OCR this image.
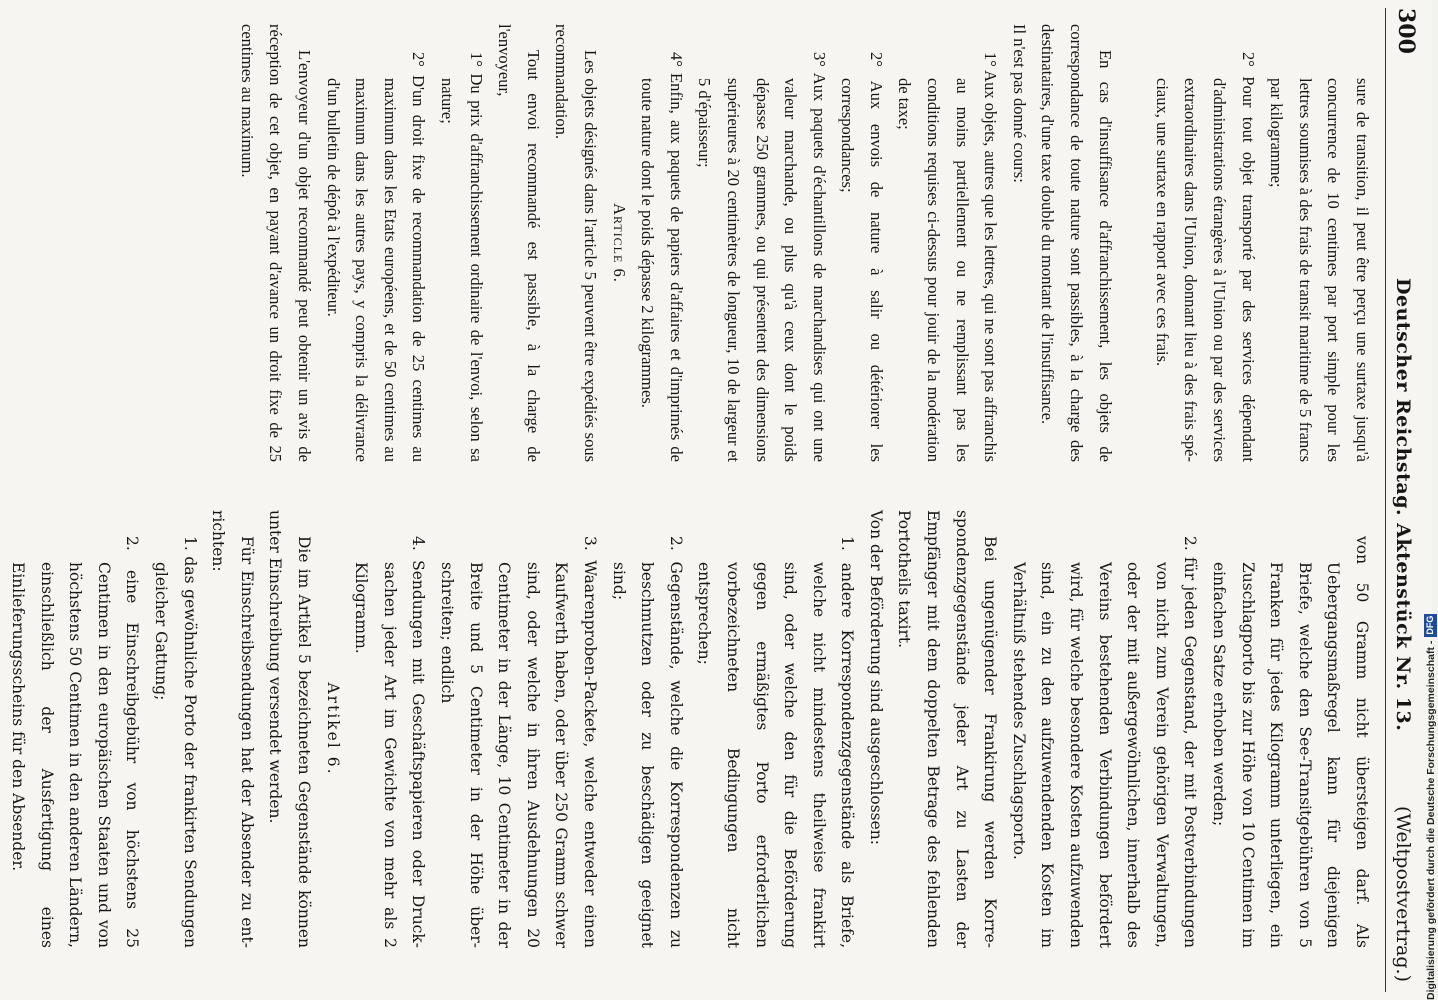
300
Deutscher Reichstag. Aktenstück Nr. 13.
(Weltpostvertrag.)

sure de transition, il peut être perçu une surtaxe jusqu'à concurrence de 10 centimes par port simple pour les lettres soumises à des frais de transit maritime de 5 francs par kilogramme;

2° Pour tout objet transporté par des services dépendant d'administrations étrangères à l'Union ou par des services extraordinaires dans l'Union, donnant lieu à des frais spéciaux, une surtaxe en rapport avec ces frais.

En cas d'insuffisance d'affranchissement, les objets de correspondance de toute nature sont passibles, à la charge des destinataires, d'une taxe double du montant de l'insuffisance.

Il n'est pas donné cours:

1° Aux objets, autres que les lettres, qui ne sont pas affranchis au moins partiellement ou ne remplissant pas les conditions requises ci-dessus pour jouir de la modération de taxe;

2° Aux envois de nature à salir ou détériorer les correspondances;

3° Aux paquets d'échantillons de marchandises qui ont une valeur marchande, ou plus qu'à ceux dont le poids dépasse 250 grammes, ou qui présentent des dimensions supérieures à 20 centimètres de longueur, 10 de largeur et 5 d'épaisseur;

4° Enfin, aux paquets de papiers d'affaires et d'imprimés de toute nature dont le poids dépasse 2 kilogrammes.

Article 6.

Les objets désignés dans l'article 5 peuvent être expédiés sous recommandation.

Tout envoi recommandé est passible, à la charge de l'envoyeur,

1° Du prix d'affranchissement ordinaire de l'envoi, selon sa nature;

2° D'un droit fixe de recommandation de 25 centimes au maximum dans les Etats européens, et de 50 centimes au maximum dans les autres pays, y compris la délivrance d'un bulletin de dépôt à l'expéditeur.

L'envoyeur d'un objet recommandé peut obtenir un avis de réception de cet objet, en payant d'avance un droit fixe de 25 centimes au maximum.

von 50 Gramm nicht übersteigen darf. Als Uebergangsmaßregel kann für diejenigen Briefe, welche den See-Transitgebühren von 5 Franken für jedes Kilogramm unterliegen, ein Zuschlagporto bis zur Höhe von 10 Centimen im einfachen Satze erhoben werden;

2. für jeden Gegenstand, der mit Postverbindungen von nicht zum Verein gehörigen Verwaltungen, oder der mit außergewöhnlichen, innerhalb des Vereins bestehenden Verbindungen befördert wird, für welche besondere Kosten aufzuwenden sind, ein zu den aufzuwendenden Kosten im Verhältniß stehendes Zuschlagsporto.

Bei ungenügender Frankirung werden Korrespondenzgegenstände jeder Art zu Lasten der Empfänger mit dem doppelten Betrage des fehlenden Portotheils taxirt.

Von der Beförderung sind ausgeschlossen:

1. andere Korrespondenzgegenstände als Briefe, welche nicht mindestens theilweise frankirt sind, oder welche den für die Beförderung gegen ermäßigtes Porto erforderlichen vorbezeichneten Bedingungen nicht entsprechen;

2. Gegenstände, welche die Korrespondenzen zu beschmutzen oder zu beschädigen geeignet sind;

3. Waarenproben-Packete, welche entweder einen Kaufwerth haben, oder über 250 Gramm schwer sind, oder welche in ihren Ausdehnungen 20 Centimeter in der Länge, 10 Centimeter in der Breite und 5 Centimeter in der Höhe überschreiten; endlich

4. Sendungen mit Geschäftspapieren oder Drucksachen jeder Art im Gewichte von mehr als 2 Kilogramm.

Artikel 6.

Die im Artikel 5 bezeichneten Gegenstände können unter Einschreibung versendet werden.

Für Einschreibsendungen hat der Absender zu entrichten:

1. das gewöhnliche Porto der frankirten Sendungen gleicher Gattung;

2. eine Einschreibgebühr von höchstens 25 Centimen in den europäischen Staaten und von höchstens 50 Centimen in den anderen Ländern, einschließlich der Ausfertigung eines Einlieferungsscheins für den Absender.	Digitalisierung gefördert durch die Deutsche Forschungsgemeinschaft -DFG
